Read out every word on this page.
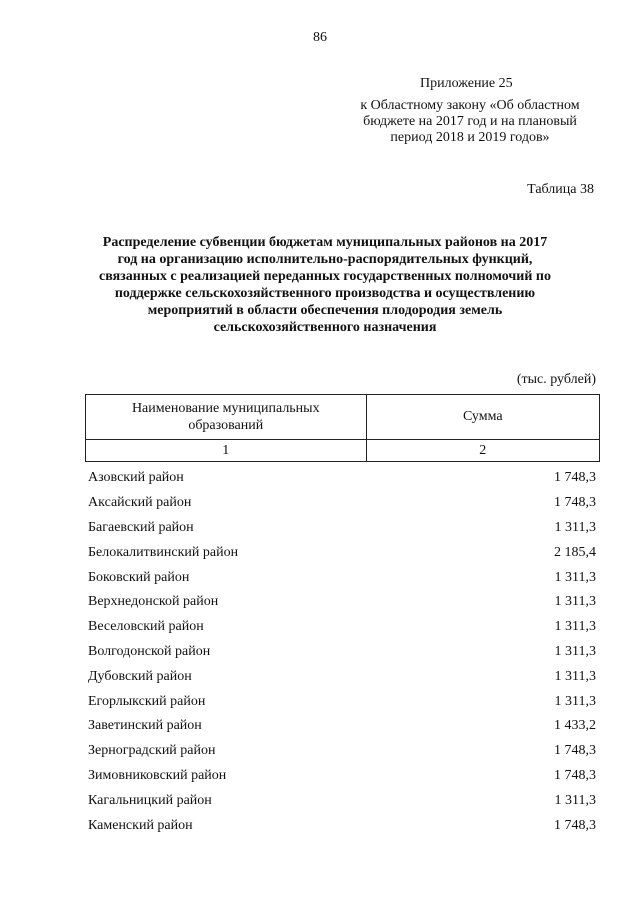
86
Приложение 25
к Областному закону «Об областном
бюджете на 2017 год и на плановый
период 2018 и 2019 годов»
Таблица 38
Распределение субвенции бюджетам муниципальных районов на 2017
год на организацию исполнительно-распорядительных функций,
связанных с реализацией переданных государственных полномочий по
поддержке сельскохозяйственного производства и осуществлению
мероприятий в области обеспечения плодородия земель
сельскохозяйственного назначения
(тыс. рублей)
Наименование муниципальных
образований	Сумма
1	2
Азовский район	1 748,3
Аксайский район	1 748,3
Багаевский район	1 311,3
Белокалитвинский район	2 185,4
Боковский район	1 311,3
Верхнедонской район	1 311,3
Веселовский район	1 311,3
Волгодонской район	1 311,3
Дубовский район	1 311,3
Егорлыкский район	1 311,3
Заветинский район	1 433,2
Зерноградский район	1 748,3
Зимовниковский район	1 748,3
Кагальницкий район	1 311,3
Каменский район	1 748,3
